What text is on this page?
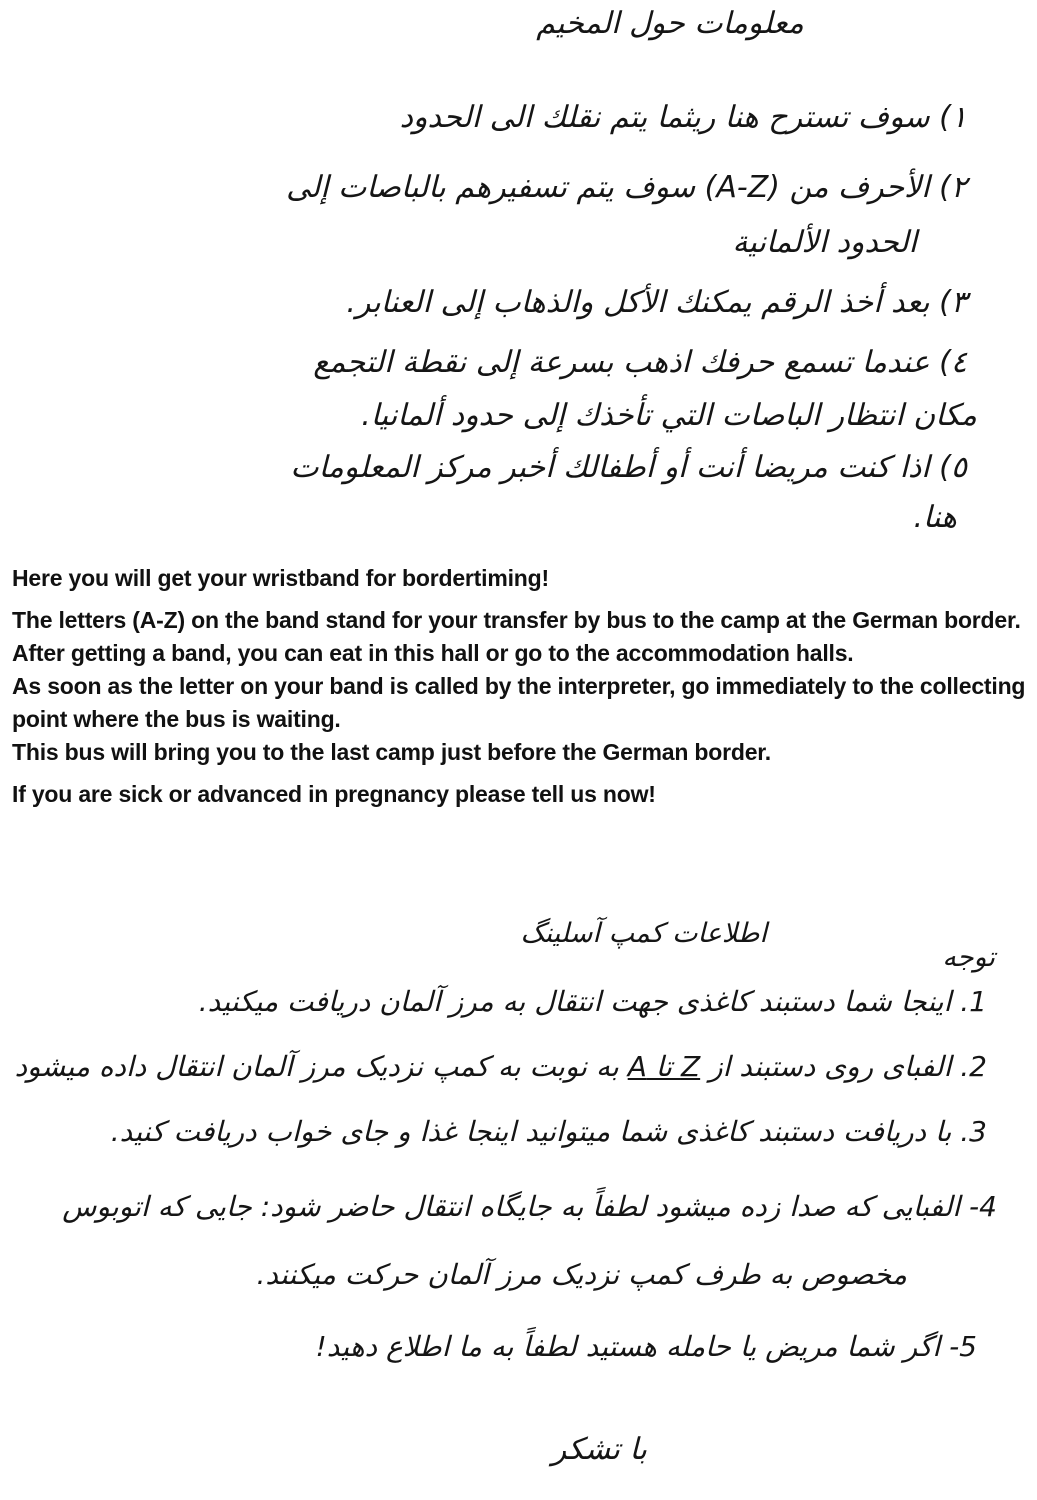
معلومات حول المخيم
١) سوف تسترح هنا ريثما يتم نقلك الى الحدود
٢) الأحرف من (A-Z) سوف يتم تسفيرهم بالباصات إلى
الحدود الألمانية
٣) بعد أخذ الرقم يمكنك الأكل والذهاب إلى العنابر.
٤) عندما تسمع حرفك اذهب بسرعة إلى نقطة التجمع
مكان انتظار الباصات التي تأخذك إلى حدود ألمانيا.
٥) اذا كنت مريضا أنت أو أطفالك أخبر مركز المعلومات
هنا.

Here you will get your wristband for bordertiming!

The letters (A-Z) on the band stand for your transfer by bus to the camp at the German border.

After getting a band, you can eat in this hall or go to the accommodation halls.

As soon as the letter on your band is called by the interpreter, go immediately to the collecting point where the bus is waiting.

This bus will bring you to the last camp just before the German border.

If you are sick or advanced in pregnancy please tell us now!

توجه
اطلاعات کمپ آسلینگ
1. اینجا شما دستبند کاغذی جهت انتقال به مرز آلمان دریافت میکنید.
2. الفبای روی دستبند از Z تا A به نوبت به کمپ نزدیک مرز آلمان انتقال داده میشود
3. با دریافت دستبند کاغذی شما میتوانید اینجا غذا و جای خواب دریافت کنید.
4- الفبایی که صدا زده میشود لطفاً به جایگاه انتقال حاضر شود: جایی که اتوبوس
مخصوص به طرف کمپ نزدیک مرز آلمان حرکت میکنند.
5- اگر شما مریض یا حامله هستید لطفاً به ما اطلاع دهید!
با تشکر
